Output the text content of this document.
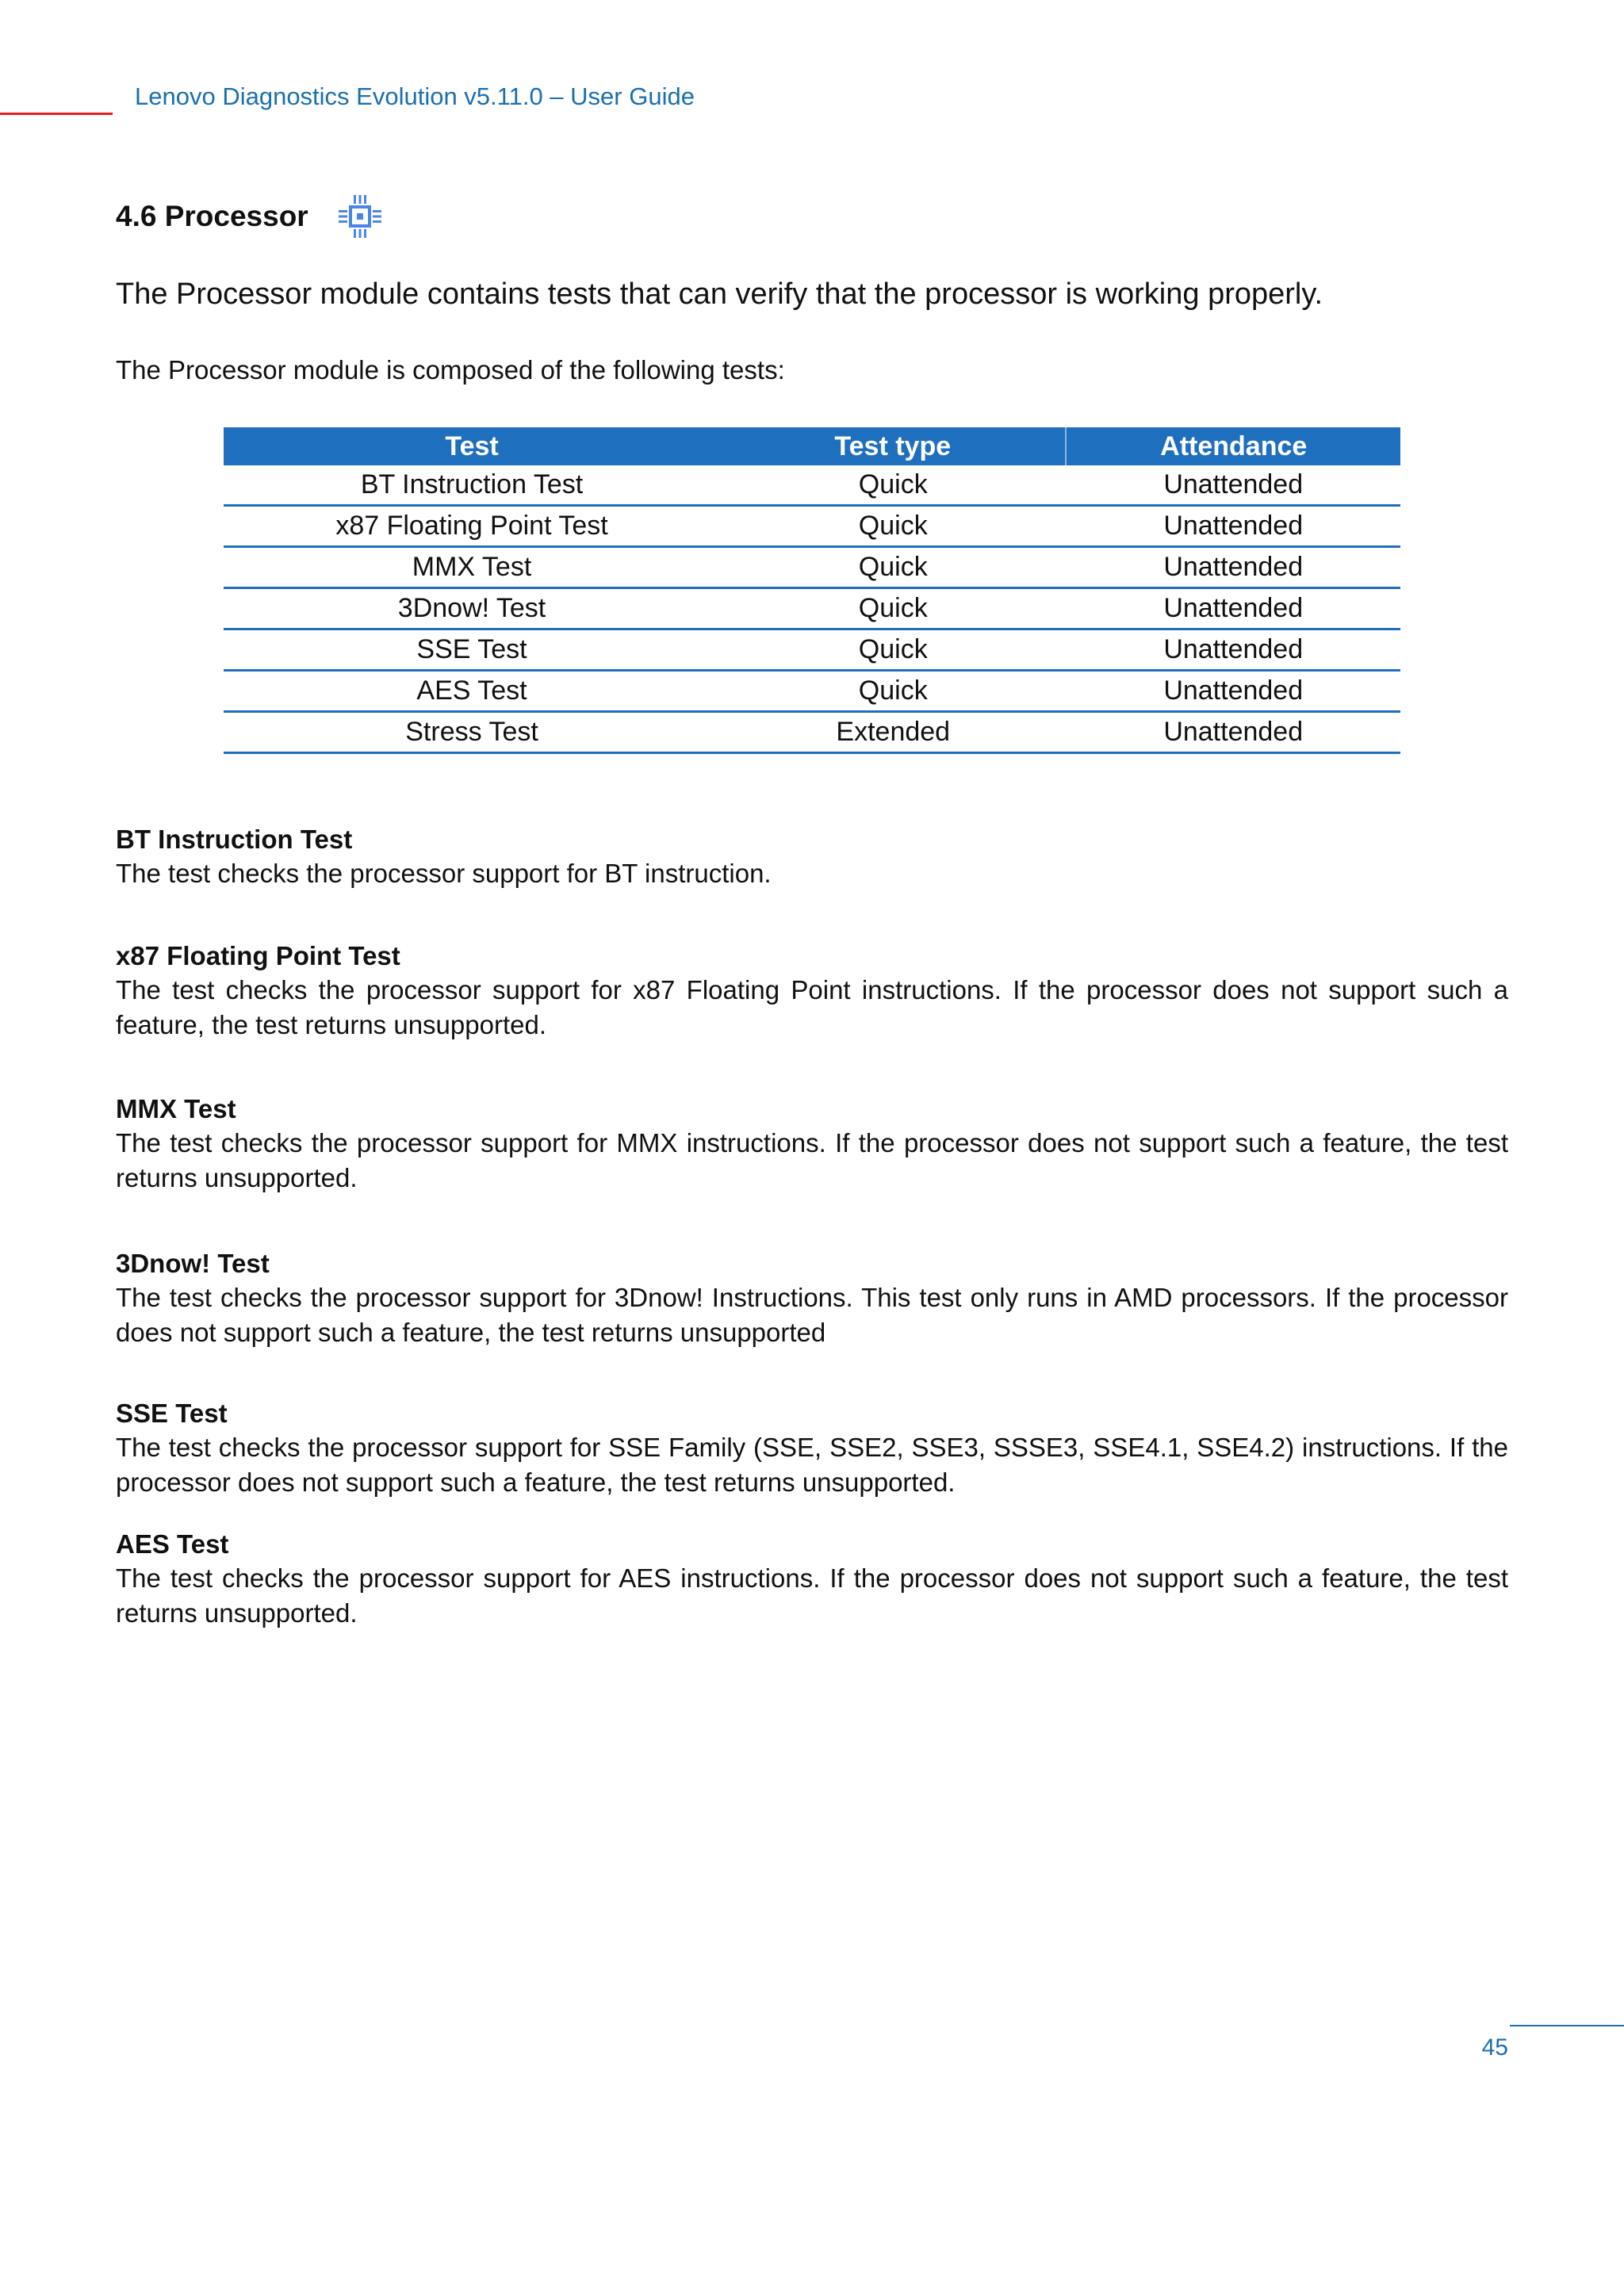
Lenovo Diagnostics Evolution v5.11.0 – User Guide
4.6 Processor
The Processor module contains tests that can verify that the processor is working properly.
The Processor module is composed of the following tests:
Test	Test type	Attendance
BT Instruction Test	Quick	Unattended
x87 Floating Point Test	Quick	Unattended
MMX Test	Quick	Unattended
3Dnow! Test	Quick	Unattended
SSE Test	Quick	Unattended
AES Test	Quick	Unattended
Stress Test	Extended	Unattended
BT Instruction Test
The test checks the processor support for BT instruction.
x87 Floating Point Test
The test checks the processor support for x87 Floating Point instructions. If the processor does not support such a feature, the test returns unsupported.
MMX Test
The test checks the processor support for MMX instructions. If the processor does not support such a feature, the test returns unsupported.
3Dnow! Test
The test checks the processor support for 3Dnow! Instructions. This test only runs in AMD processors. If the processor does not support such a feature, the test returns unsupported
SSE Test
The test checks the processor support for SSE Family (SSE, SSE2, SSE3, SSSE3, SSE4.1, SSE4.2) instructions. If the processor does not support such a feature, the test returns unsupported.
AES Test
The test checks the processor support for AES instructions. If the processor does not support such a feature, the test returns unsupported.
45
